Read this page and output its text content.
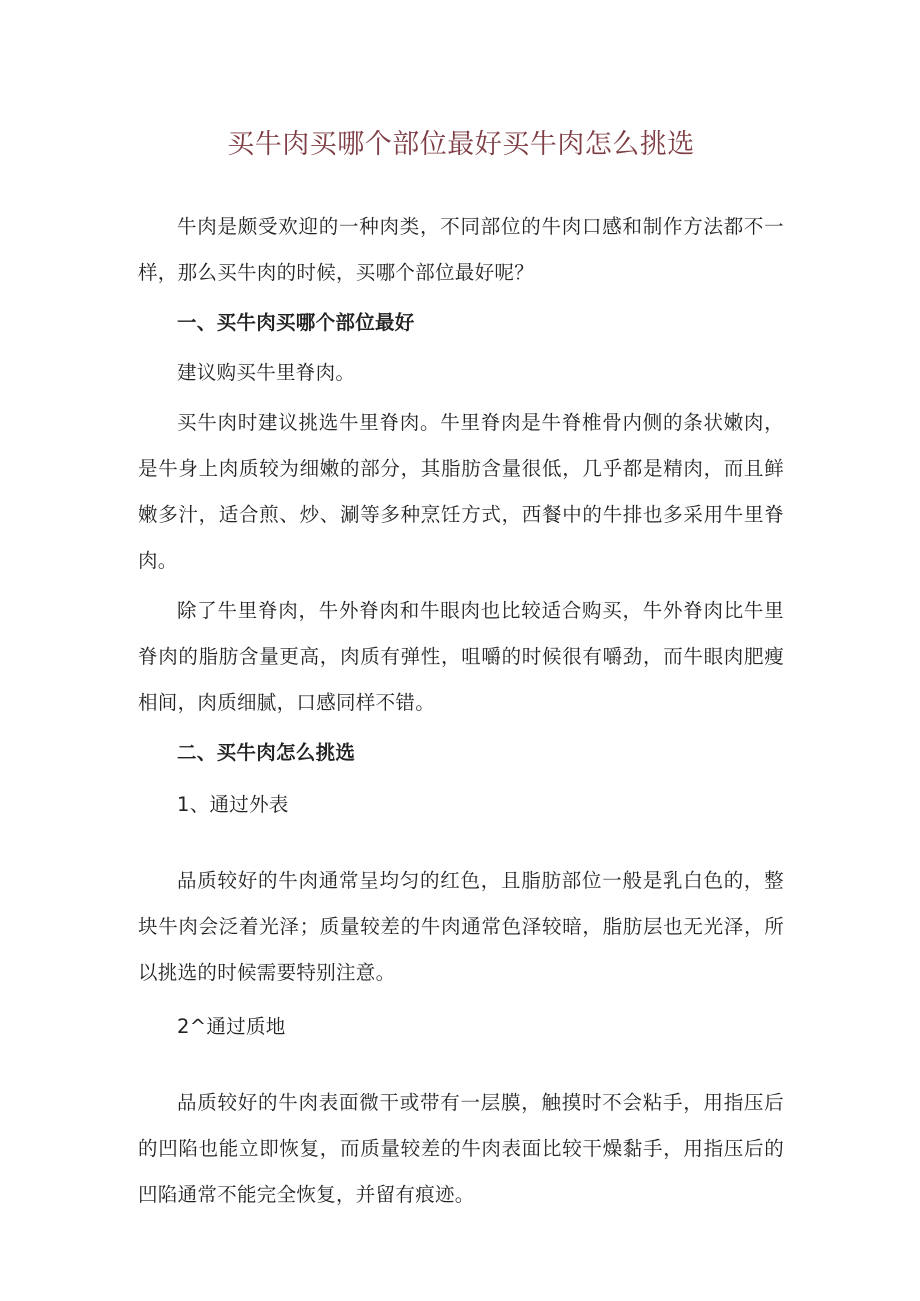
买牛肉买哪个部位最好买牛肉怎么挑选

牛肉是颇受欢迎的一种肉类，不同部位的牛肉口感和制作方法都不一样，那么买牛肉的时候，买哪个部位最好呢？

一、买牛肉买哪个部位最好

建议购买牛里脊肉。

买牛肉时建议挑选牛里脊肉。牛里脊肉是牛脊椎骨内侧的条状嫩肉，是牛身上肉质较为细嫩的部分，其脂肪含量很低，几乎都是精肉，而且鲜嫩多汁，适合煎、炒、涮等多种烹饪方式，西餐中的牛排也多采用牛里脊肉。

除了牛里脊肉，牛外脊肉和牛眼肉也比较适合购买，牛外脊肉比牛里脊肉的脂肪含量更高，肉质有弹性，咀嚼的时候很有嚼劲，而牛眼肉肥瘦相间，肉质细腻，口感同样不错。

二、买牛肉怎么挑选

1、通过外表

品质较好的牛肉通常呈均匀的红色，且脂肪部位一般是乳白色的，整块牛肉会泛着光泽；质量较差的牛肉通常色泽较暗，脂肪层也无光泽，所以挑选的时候需要特别注意。

2^通过质地

品质较好的牛肉表面微干或带有一层膜，触摸时不会粘手，用指压后的凹陷也能立即恢复，而质量较差的牛肉表面比较干燥黏手，用指压后的凹陷通常不能完全恢复，并留有痕迹。
